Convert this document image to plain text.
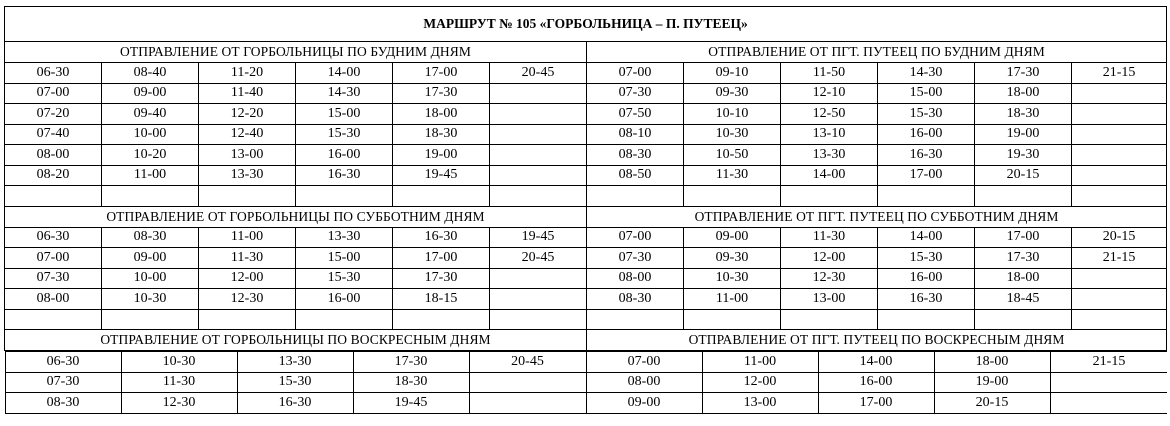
МАРШРУТ № 105 «ГОРБОЛЬНИЦА – П. ПУТЕЕЦ»
ОТПРАВЛЕНИЕ ОТ ГОРБОЛЬНИЦЫ ПО БУДНИМ ДНЯМ	ОТПРАВЛЕНИЕ ОТ ПГТ. ПУТЕЕЦ ПО БУДНИМ ДНЯМ
06-30	08-40	11-20	14-00	17-00	20-45	07-00	09-10	11-50	14-30	17-30	21-15
07-00	09-00	11-40	14-30	17-30		07-30	09-30	12-10	15-00	18-00	
07-20	09-40	12-20	15-00	18-00		07-50	10-10	12-50	15-30	18-30	
07-40	10-00	12-40	15-30	18-30		08-10	10-30	13-10	16-00	19-00	
08-00	10-20	13-00	16-00	19-00		08-30	10-50	13-30	16-30	19-30	
08-20	11-00	13-30	16-30	19-45		08-50	11-30	14-00	17-00	20-15	

ОТПРАВЛЕНИЕ ОТ ГОРБОЛЬНИЦЫ ПО СУББОТНИМ ДНЯМ	ОТПРАВЛЕНИЕ ОТ ПГТ. ПУТЕЕЦ ПО СУББОТНИМ ДНЯМ
06-30	08-30	11-00	13-30	16-30	19-45	07-00	09-00	11-30	14-00	17-00	20-15
07-00	09-00	11-30	15-00	17-00	20-45	07-30	09-30	12-00	15-30	17-30	21-15
07-30	10-00	12-00	15-30	17-30		08-00	10-30	12-30	16-00	18-00	
08-00	10-30	12-30	16-00	18-15		08-30	11-00	13-00	16-30	18-45	

ОТПРАВЛЕНИЕ ОТ ГОРБОЛЬНИЦЫ ПО ВОСКРЕСНЫМ ДНЯМ	ОТПРАВЛЕНИЕ ОТ ПГТ. ПУТЕЕЦ ПО ВОСКРЕСНЫМ ДНЯМ

06-30	10-30	13-30	17-30	20-45	07-00	11-00	14-00	18-00	21-15
07-30	11-30	15-30	18-30		08-00	12-00	16-00	19-00	
08-30	12-30	16-30	19-45		09-00	13-00	17-00	20-15	
